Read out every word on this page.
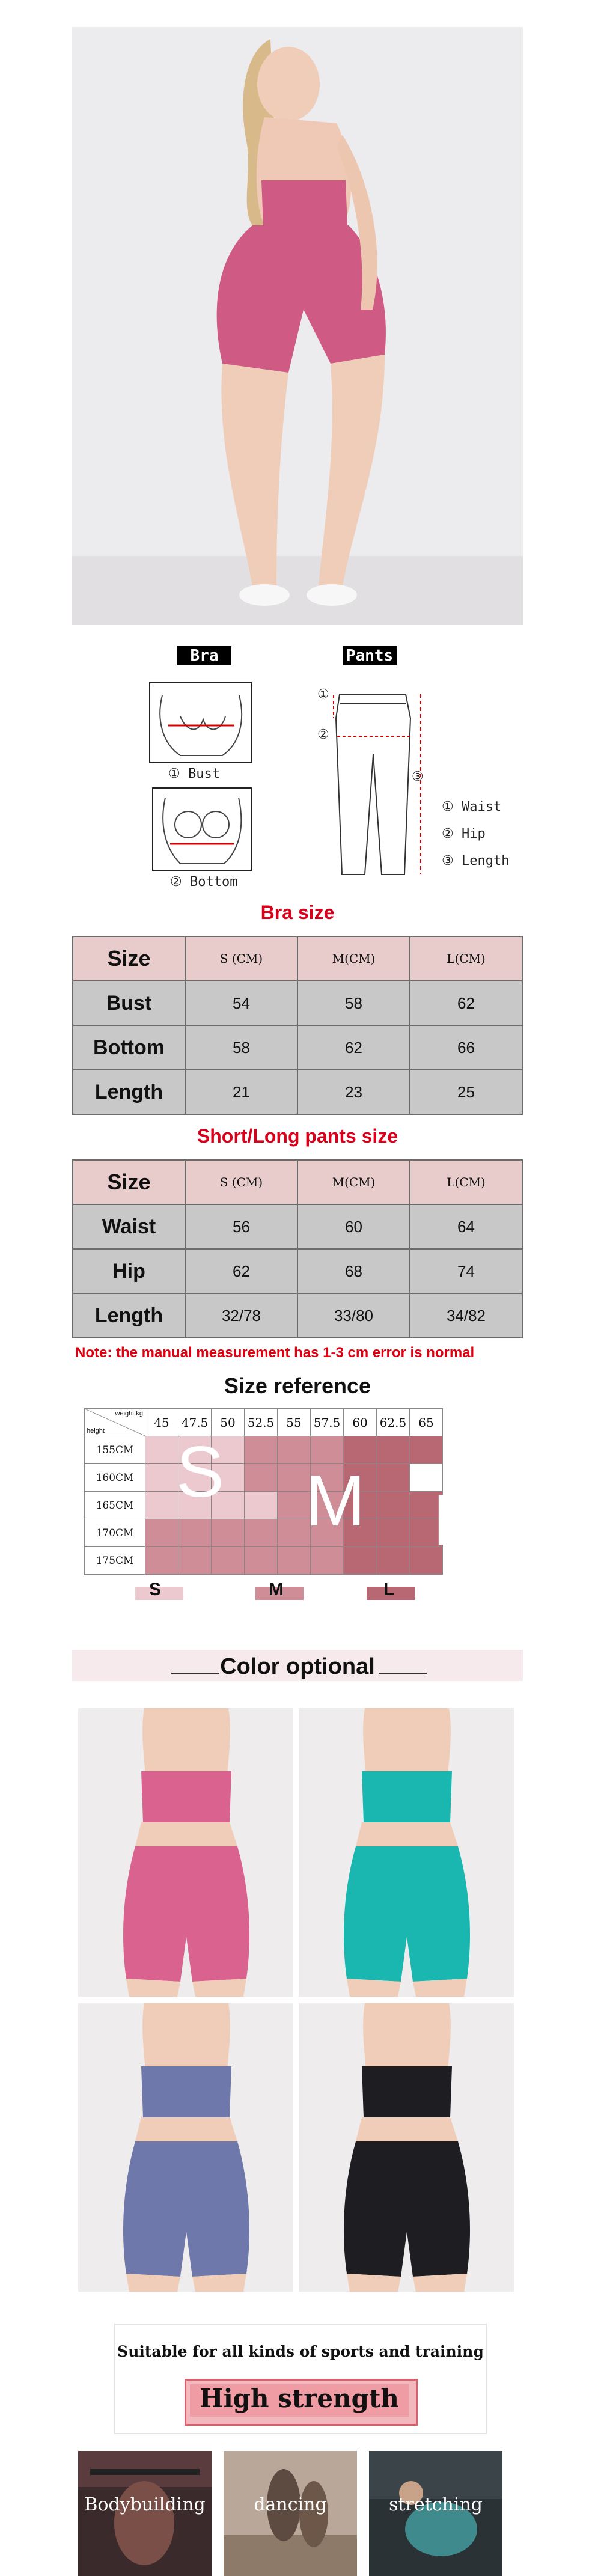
Bra	Pants
① Bust
② Bottom
①
②
③
① Waist
② Hip
③ Length
Bra size
Size	S (CM)	M(CM)	L(CM)
Bust	54	58	62
Bottom	58	62	66
Length	21	23	25
Short/Long pants size
Size	S (CM)	M(CM)	L(CM)
Waist	56	60	64
Hip	62	68	74
Length	32/78	33/80	34/82
Note: the manual measurement has 1-3 cm error is normal
Size reference
weight kg
height	45	47.5	50	52.5	55	57.5	60	62.5	65
155CM									
160CM									
165CM									
170CM									
175CM									
S M L
S	M	L
Color optional
Suitable for all kinds of sports and training
High strength
Bodybuilding	dancing	stretching
